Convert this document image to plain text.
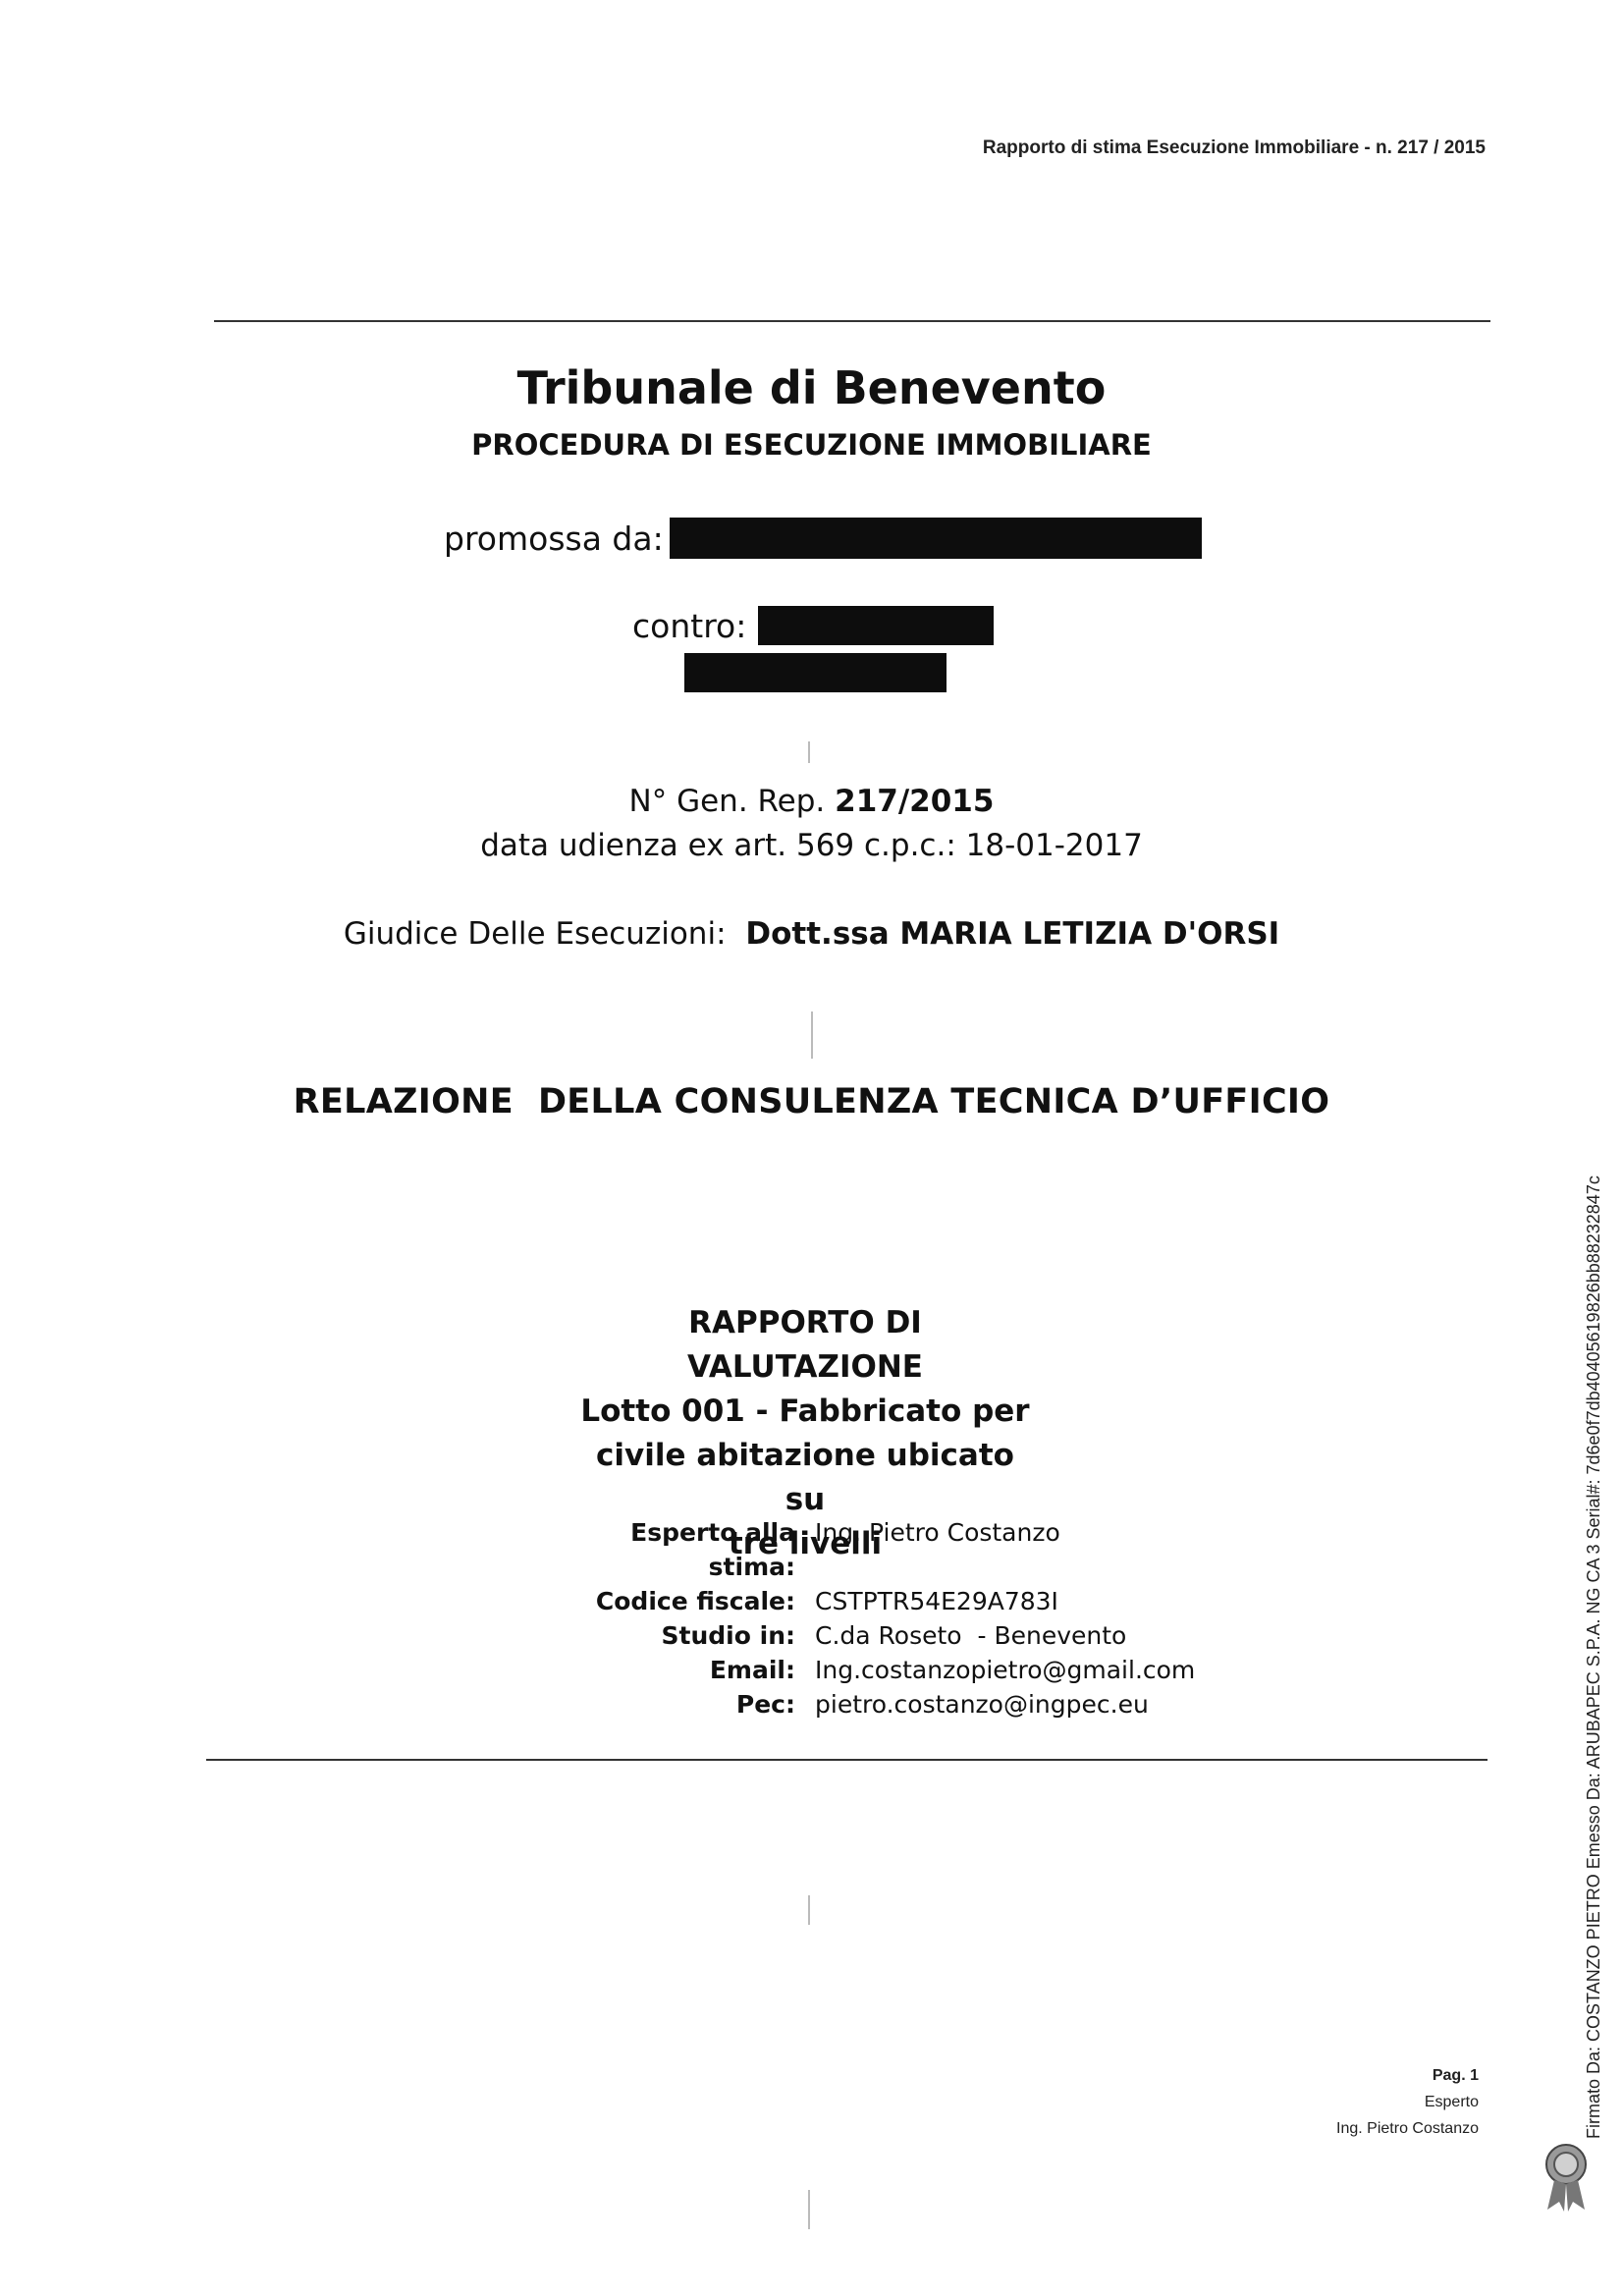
Rapporto di stima Esecuzione Immobiliare - n. 217 / 2015
Tribunale di Benevento
PROCEDURA DI ESECUZIONE IMMOBILIARE
promossa da:
contro:
N° Gen. Rep. 217/2015
data udienza ex art. 569 c.p.c.: 18-01-2017
Giudice Delle Esecuzioni: Dott.ssa MARIA LETIZIA D'ORSI
RELAZIONE  DELLA CONSULENZA TECNICA D’UFFICIO
RAPPORTO DI VALUTAZIONE
Lotto 001 - Fabbricato per
civile abitazione ubicato su
tre livelli
Esperto alla stima:
Ing. Pietro Costanzo
Codice fiscale: CSTPTR54E29A783I
Studio in: C.da Roseto  - Benevento
Email: Ing.costanzopietro@gmail.com
Pec: pietro.costanzo@ingpec.eu
Pag. 1
Esperto
Ing. Pietro Costanzo	Firmato Da: COSTANZO PIETRO Emesso Da: ARUBAPEC S.P.A. NG CA 3 Serial#: 7d6e0f7db404056198​26bb88232847c
